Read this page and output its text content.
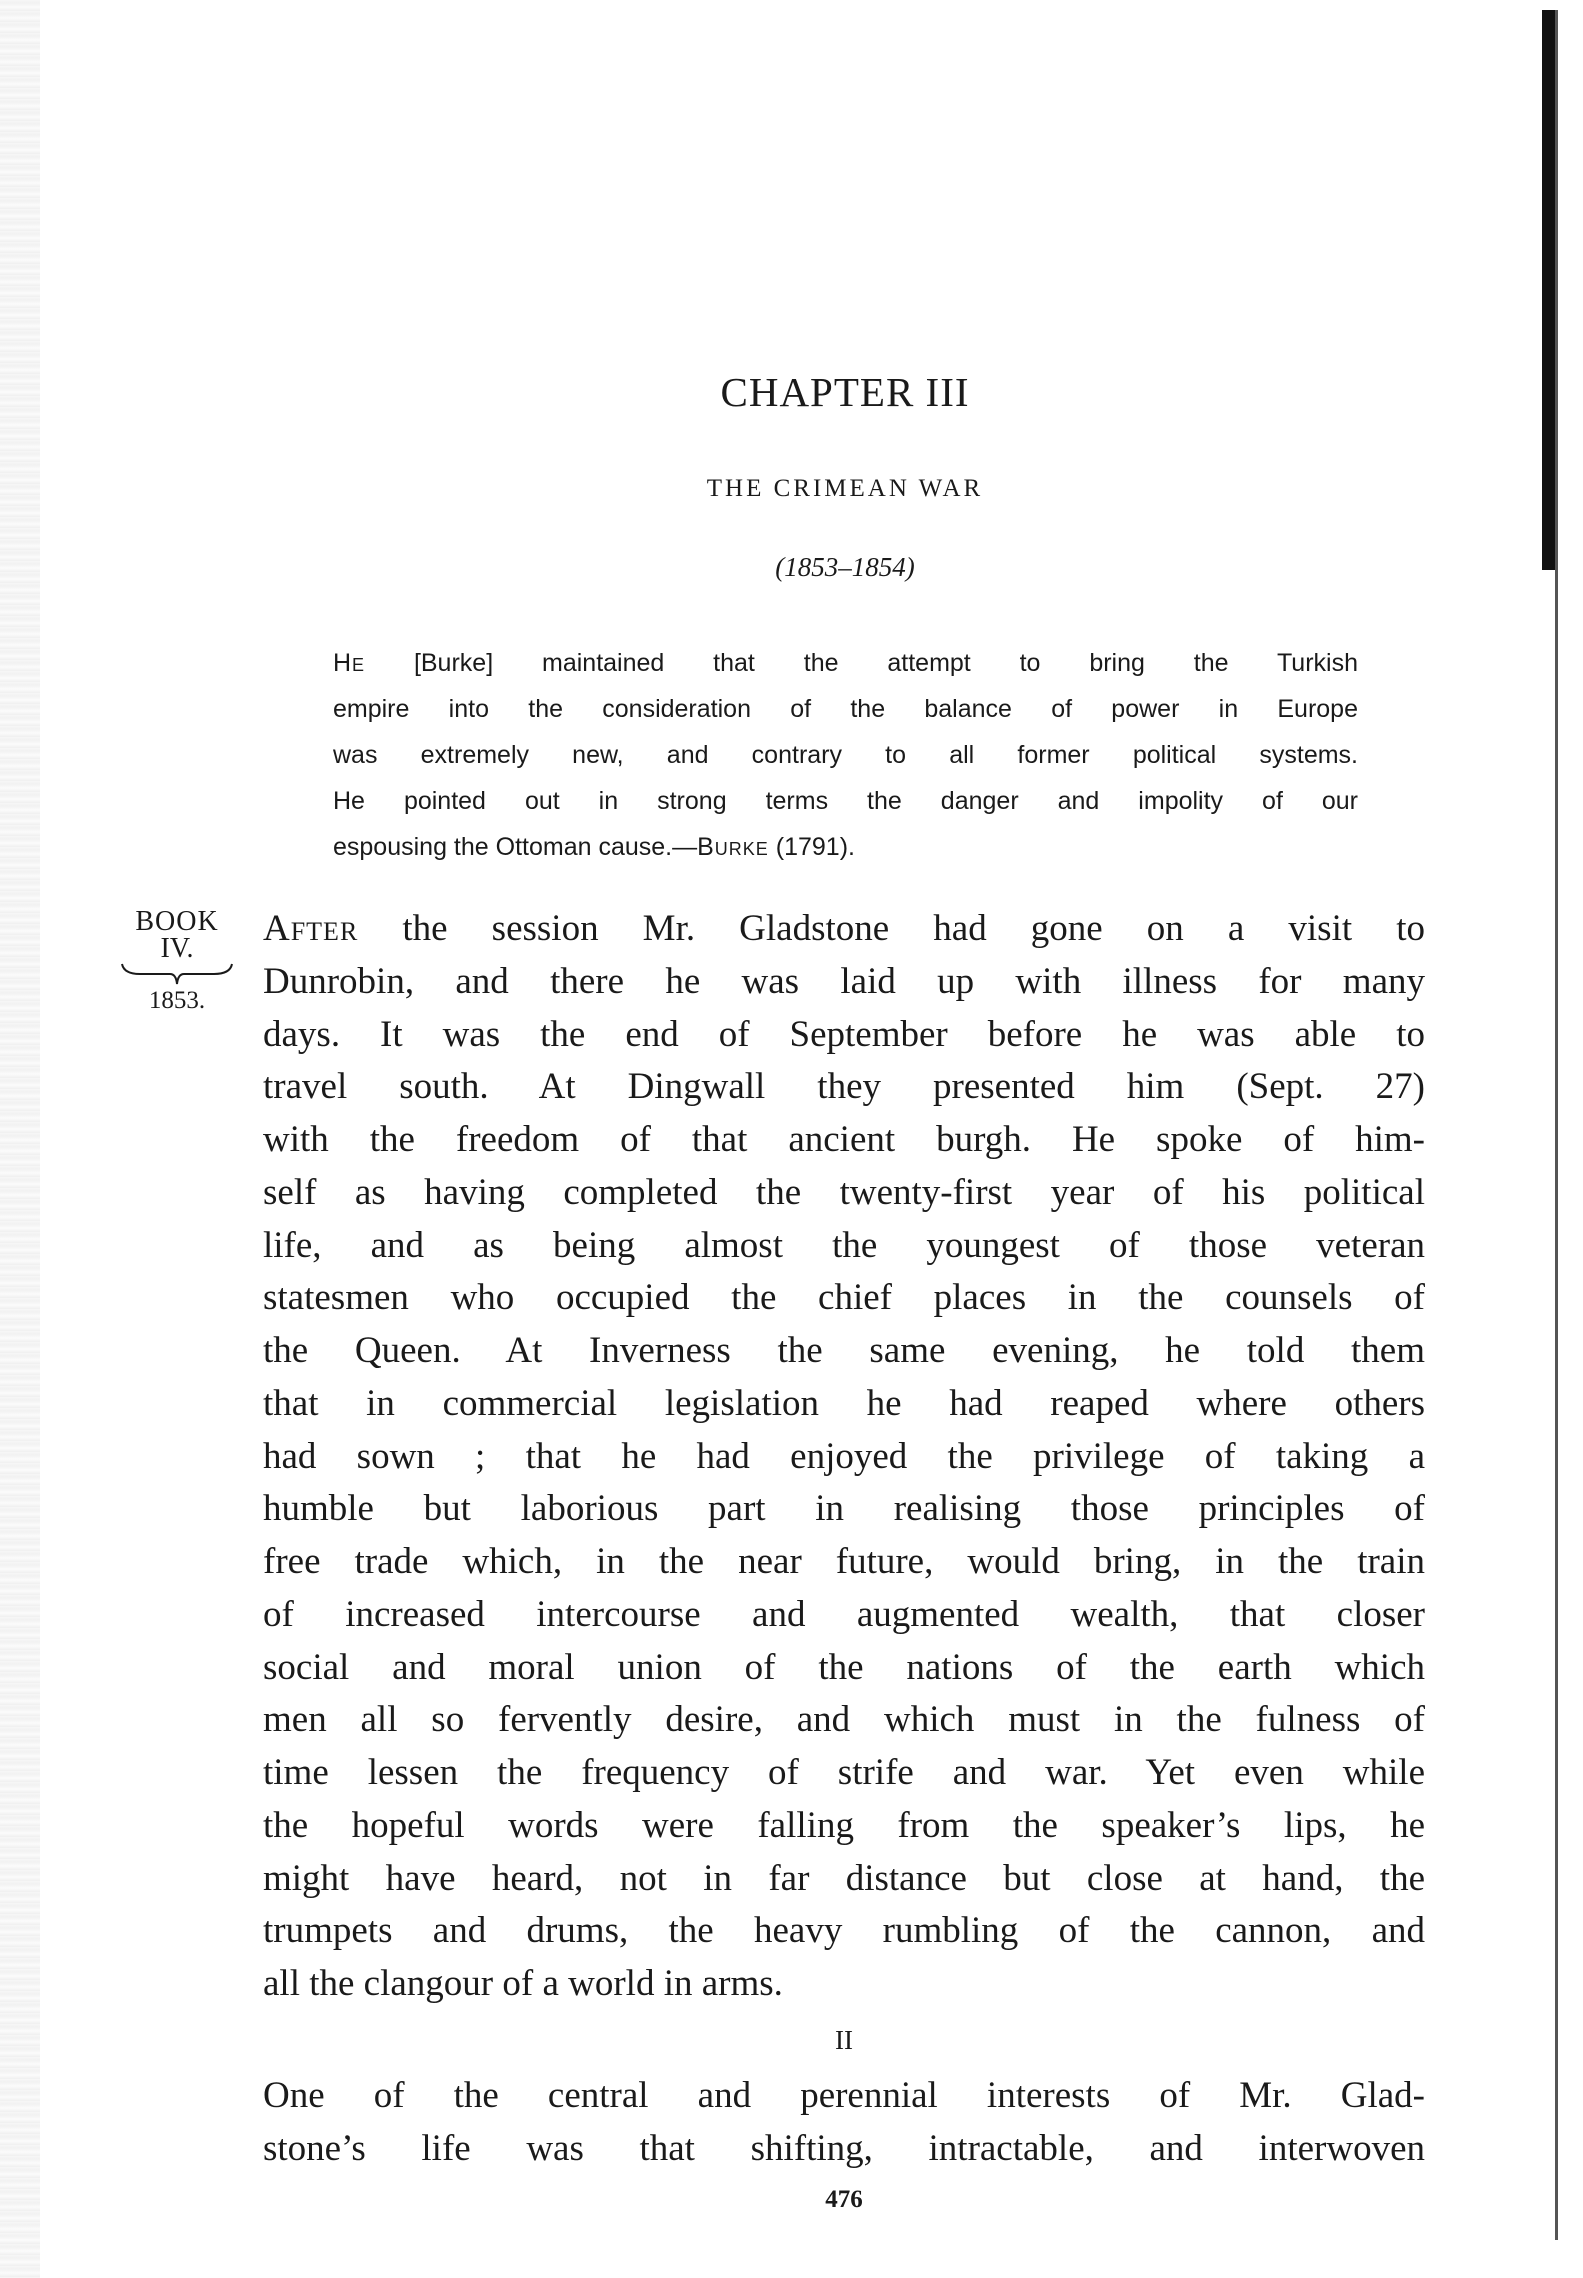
CHAPTER III
THE CRIMEAN WAR
(1853–1854)
He [Burke] maintained that the attempt to bring the Turkish
empire into the consideration of the balance of power in Europe
was extremely new, and contrary to all former political systems.
He pointed out in strong terms the danger and impolity of our
espousing the Ottoman cause.—Burke (1791).
BOOK
IV.
1853.
After the session Mr. Gladstone had gone on a visit to
Dunrobin, and there he was laid up with illness for many
days. It was the end of September before he was able to
travel south. At Dingwall they presented him (Sept. 27)
with the freedom of that ancient burgh. He spoke of him-
self as having completed the twenty-first year of his political
life, and as being almost the youngest of those veteran
statesmen who occupied the chief places in the counsels of
the Queen. At Inverness the same evening, he told them
that in commercial legislation he had reaped where others
had sown ; that he had enjoyed the privilege of taking a
humble but laborious part in realising those principles of
free trade which, in the near future, would bring, in the train
of increased intercourse and augmented wealth, that closer
social and moral union of the nations of the earth which
men all so fervently desire, and which must in the fulness of
time lessen the frequency of strife and war. Yet even while
the hopeful words were falling from the speaker’s lips, he
might have heard, not in far distance but close at hand, the
trumpets and drums, the heavy rumbling of the cannon, and
all the clangour of a world in arms.
II
One of the central and perennial interests of Mr. Glad-
stone’s life was that shifting, intractable, and interwoven
476
